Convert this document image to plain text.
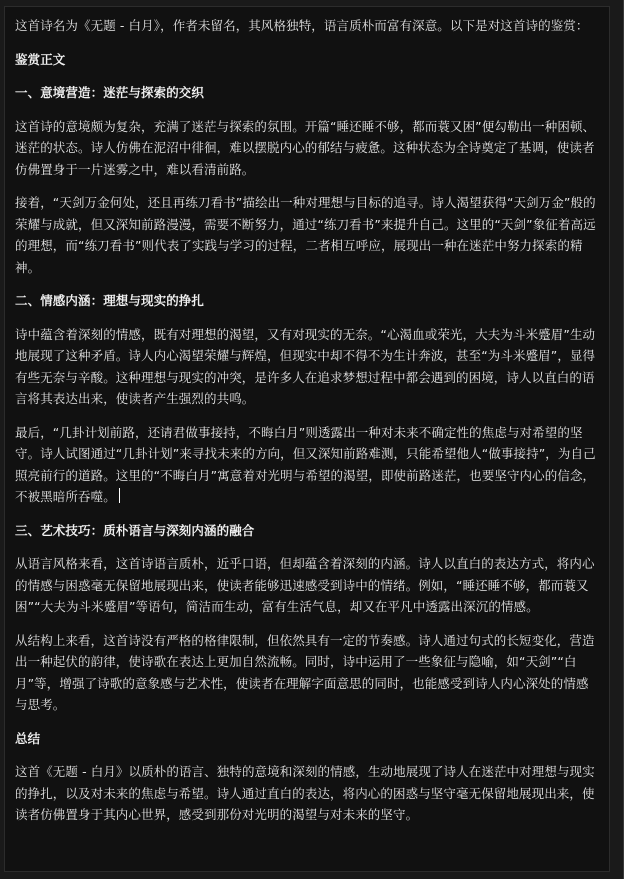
这首诗名为《无题 - 白月》，作者未留名，其风格独特，语言质朴而富有深意。以下是对这首诗的鉴赏：

鉴赏正文

一、意境营造：迷茫与探索的交织

这首诗的意境颇为复杂，充满了迷茫与探索的氛围。开篇“睡还睡不够，都而蓑又困”便勾勒出一种困顿、迷茫的状态。诗人仿佛在泥沼中徘徊，难以摆脱内心的郁结与疲惫。这种状态为全诗奠定了基调，使读者仿佛置身于一片迷雾之中，难以看清前路。

接着，“天剑万金何处，还且再练刀看书”描绘出一种对理想与目标的追寻。诗人渴望获得“天剑万金”般的荣耀与成就，但又深知前路漫漫，需要不断努力，通过“练刀看书”来提升自己。这里的“天剑”象征着高远的理想，而“练刀看书”则代表了实践与学习的过程，二者相互呼应，展现出一种在迷茫中努力探索的精神。

二、情感内涵：理想与现实的挣扎

诗中蕴含着深刻的情感，既有对理想的渴望，又有对现实的无奈。“心渴血或荣光，大夫为斗米蹙眉”生动地展现了这种矛盾。诗人内心渴望荣耀与辉煌，但现实中却不得不为生计奔波，甚至“为斗米蹙眉”，显得有些无奈与辛酸。这种理想与现实的冲突，是许多人在追求梦想过程中都会遇到的困境，诗人以直白的语言将其表达出来，使读者产生强烈的共鸣。

最后，“几卦计划前路，还请君做事接持，不晦白月”则透露出一种对未来不确定性的焦虑与对希望的坚守。诗人试图通过“几卦计划”来寻找未来的方向，但又深知前路难测，只能希望他人“做事接持”，为自己照亮前行的道路。这里的“不晦白月”寓意着对光明与希望的渴望，即使前路迷茫，也要坚守内心的信念，不被黑暗所吞噬。

三、艺术技巧：质朴语言与深刻内涵的融合

从语言风格来看，这首诗语言质朴，近乎口语，但却蕴含着深刻的内涵。诗人以直白的表达方式，将内心的情感与困惑毫无保留地展现出来，使读者能够迅速感受到诗中的情绪。例如，“睡还睡不够，都而蓑又困”“大夫为斗米蹙眉”等语句，简洁而生动，富有生活气息，却又在平凡中透露出深沉的情感。

从结构上来看，这首诗没有严格的格律限制，但依然具有一定的节奏感。诗人通过句式的长短变化，营造出一种起伏的韵律，使诗歌在表达上更加自然流畅。同时，诗中运用了一些象征与隐喻，如“天剑”“白月”等，增强了诗歌的意象感与艺术性，使读者在理解字面意思的同时，也能感受到诗人内心深处的情感与思考。

总结

这首《无题 - 白月》以质朴的语言、独特的意境和深刻的情感，生动地展现了诗人在迷茫中对理想与现实的挣扎，以及对未来的焦虑与希望。诗人通过直白的表达，将内心的困惑与坚守毫无保留地展现出来，使读者仿佛置身于其内心世界，感受到那份对光明的渴望与对未来的坚守。
